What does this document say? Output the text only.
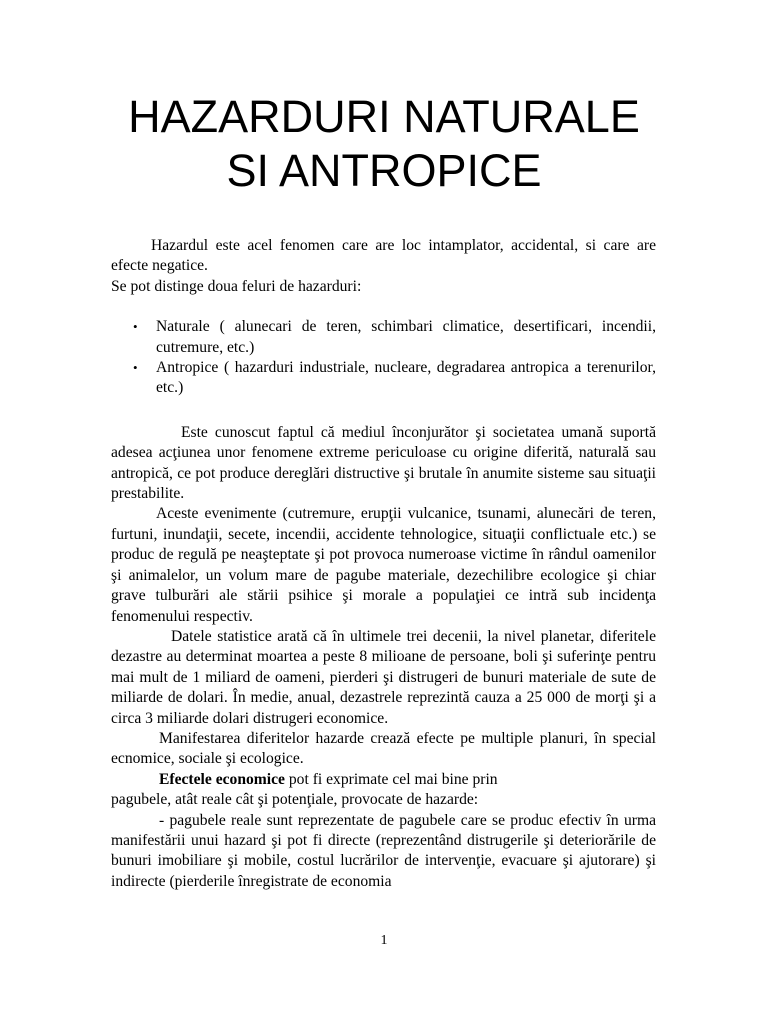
HAZARDURI NATURALE
SI ANTROPICE

Hazardul este acel fenomen care are loc intamplator, accidental, si care are efecte negatice.

Se pot distinge doua feluri de hazarduri:

• Naturale ( alunecari de teren, schimbari climatice, desertificari, incendii, cutremure, etc.)
• Antropice ( hazarduri industriale, nucleare, degradarea antropica a terenurilor, etc.)

Este cunoscut faptul că mediul înconjurător şi societatea umană suportă adesea acţiunea unor fenomene extreme periculoase cu origine diferită, naturală sau antropică, ce pot produce dereglări distructive şi brutale în anumite sisteme sau situaţii prestabilite.

Aceste evenimente (cutremure, erupţii vulcanice, tsunami, alunecări de teren, furtuni, inundaţii, secete, incendii, accidente tehnologice, situaţii conflictuale etc.) se produc de regulă pe neaşteptate şi pot provoca numeroase victime în rândul oamenilor şi animalelor, un volum mare de pagube materiale, dezechilibre ecologice şi chiar grave tulburări ale stării psihice şi morale a populaţiei ce intră sub incidenţa fenomenului respectiv.

Datele statistice arată că în ultimele trei decenii, la nivel planetar, diferitele dezastre au determinat moartea a peste 8 milioane de persoane, boli şi suferinţe pentru mai mult de 1 miliard de oameni, pierderi şi distrugeri de bunuri materiale de sute de miliarde de dolari. În medie, anual, dezastrele reprezintă cauza a 25 000 de morţi şi a circa 3 miliarde dolari distrugeri economice.

Manifestarea diferitelor hazarde crează efecte pe multiple planuri, în special ecnomice, sociale şi ecologice.

Efectele economice pot fi exprimate cel mai bine prin

pagubele, atât reale cât şi potenţiale, provocate de hazarde:

- pagubele reale sunt reprezentate de pagubele care se produc efectiv în urma manifestării unui hazard şi pot fi directe (reprezentând distrugerile şi deteriorările de bunuri imobiliare şi mobile, costul lucrărilor de intervenţie, evacuare şi ajutorare) şi indirecte (pierderile înregistrate de economia

1
